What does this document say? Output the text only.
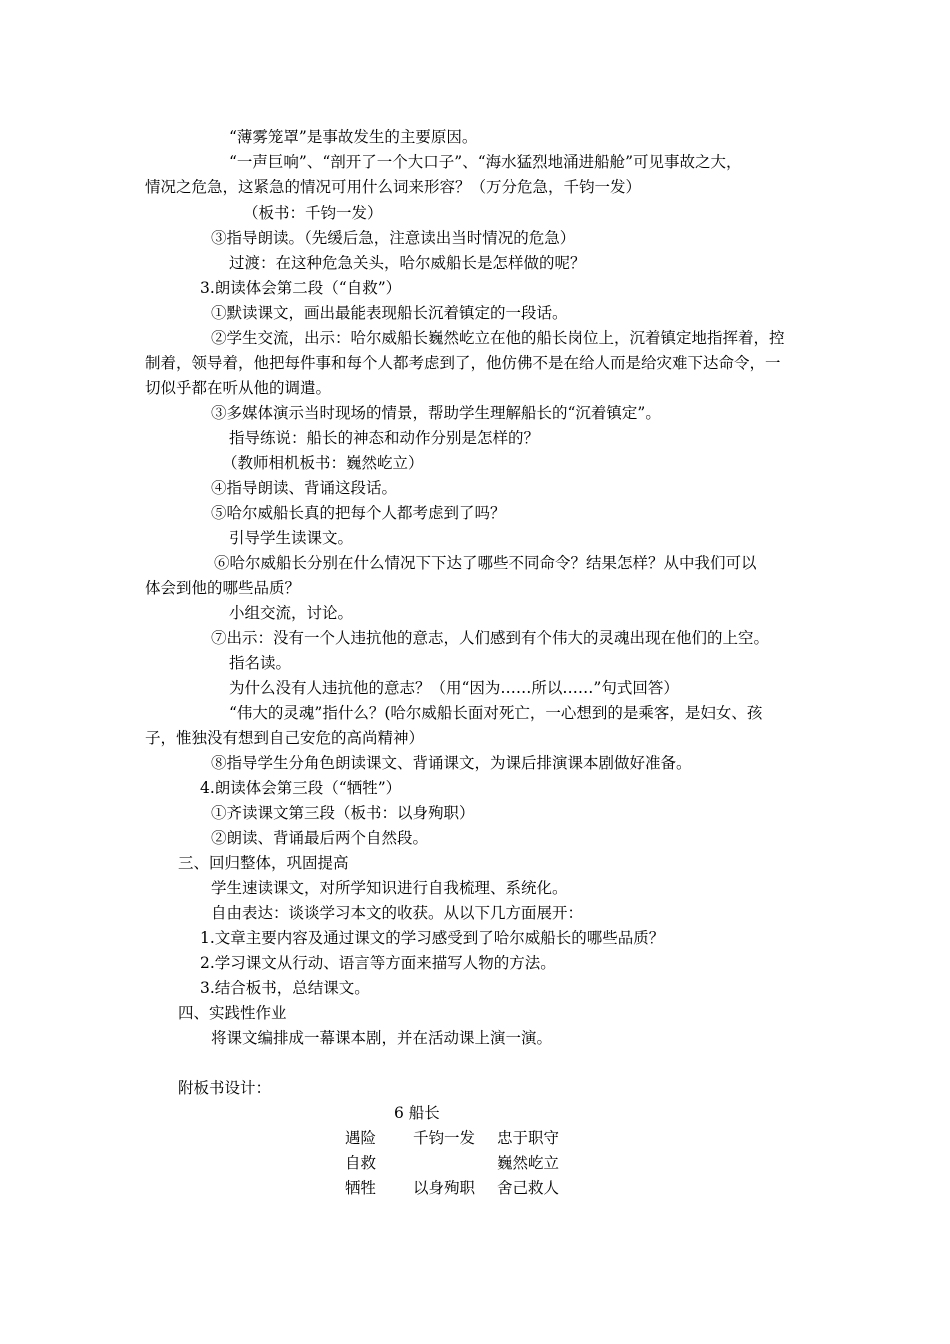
“薄雾笼罩”是事故发生的主要原因。
“一声巨响”、“剖开了一个大口子”、“海水猛烈地涌进船舱”可见事故之大，
情况之危急，这紧急的情况可用什么词来形容？（万分危急，千钧一发）
（板书：千钧一发）
③指导朗读。（先缓后急，注意读出当时情况的危急）
过渡：在这种危急关头，哈尔威船长是怎样做的呢？
3.朗读体会第二段（“自救”）
①默读课文，画出最能表现船长沉着镇定的一段话。
②学生交流，出示：哈尔威船长巍然屹立在他的船长岗位上，沉着镇定地指挥着，控
制着，领导着，他把每件事和每个人都考虑到了，他仿佛不是在给人而是给灾难下达命令，一
切似乎都在听从他的调遣。
③多媒体演示当时现场的情景，帮助学生理解船长的“沉着镇定”。
指导练说：船长的神态和动作分别是怎样的？
（教师相机板书：巍然屹立）
④指导朗读、背诵这段话。
⑤哈尔威船长真的把每个人都考虑到了吗？
引导学生读课文。
⑥哈尔威船长分别在什么情况下下达了哪些不同命令？结果怎样？从中我们可以
体会到他的哪些品质？
小组交流，讨论。
⑦出示：没有一个人违抗他的意志，人们感到有个伟大的灵魂出现在他们的上空。
指名读。
为什么没有人违抗他的意志？（用“因为……所以……”句式回答）
“伟大的灵魂”指什么？(哈尔威船长面对死亡，一心想到的是乘客，是妇女、孩
子，惟独没有想到自己安危的高尚精神）
⑧指导学生分角色朗读课文、背诵课文，为课后排演课本剧做好准备。
4.朗读体会第三段（“牺牲”）
①齐读课文第三段（板书：以身殉职）
②朗读、背诵最后两个自然段。
三、回归整体，巩固提高
学生速读课文，对所学知识进行自我梳理、系统化。
自由表达：谈谈学习本文的收获。从以下几方面展开：
1.文章主要内容及通过课文的学习感受到了哈尔威船长的哪些品质？
2.学习课文从行动、语言等方面来描写人物的方法。
3.结合板书，总结课文。
四、实践性作业
将课文编排成一幕课本剧，并在活动课上演一演。
附板书设计：
6 船长
遇险 千钧一发 忠于职守
自救	巍然屹立
牺牲 以身殉职 舍己救人
